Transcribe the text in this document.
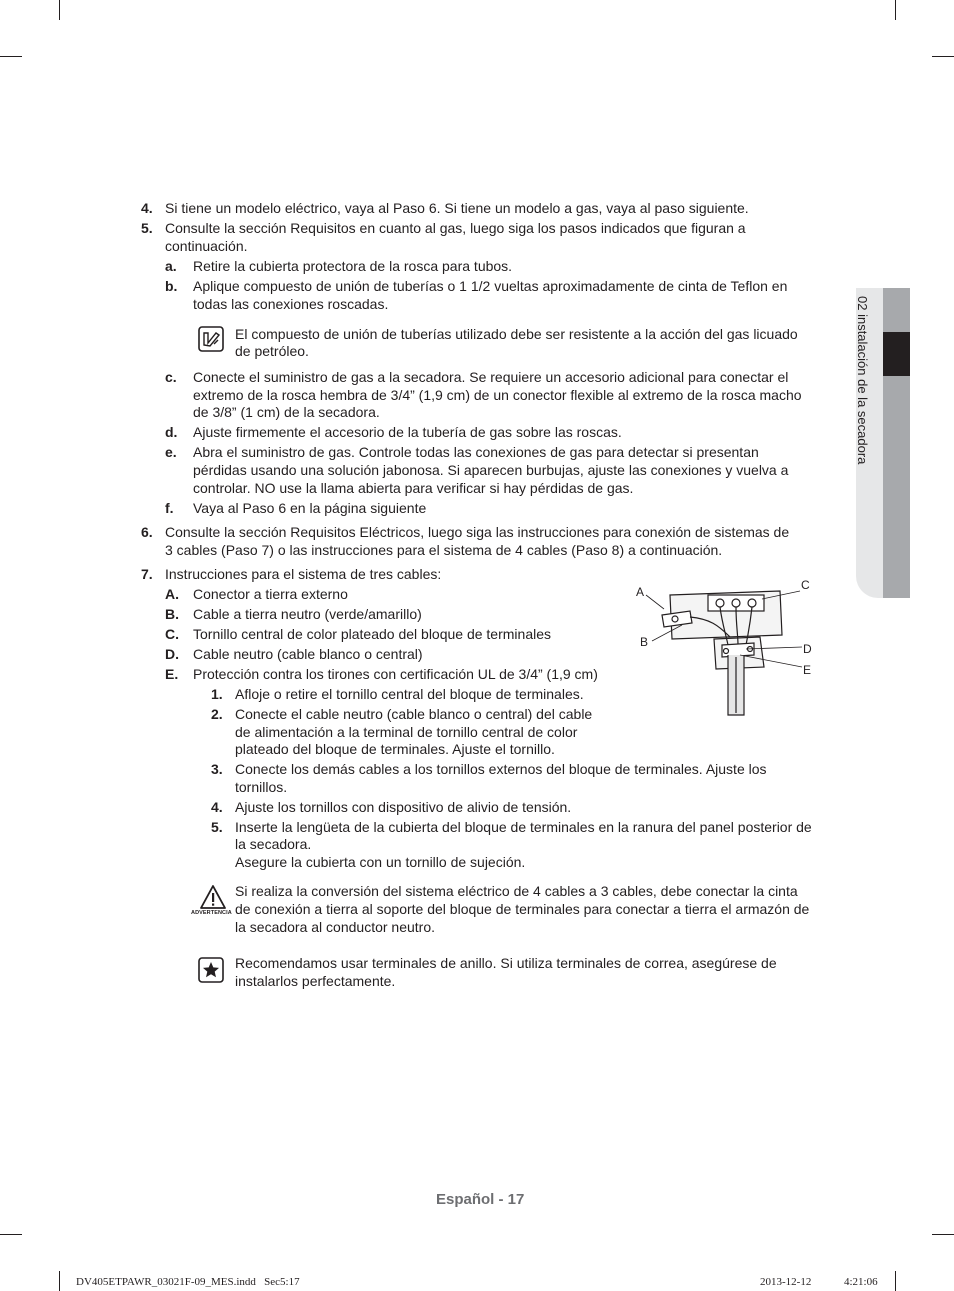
02 instalación de la secadora
4. Si tiene un modelo eléctrico, vaya al Paso 6. Si tiene un modelo a gas, vaya al paso siguiente.
5. Consulte la sección Requisitos en cuanto al gas, luego siga los pasos indicados que figuran a
continuación.
a. Retire la cubierta protectora de la rosca para tubos.
b. Aplique compuesto de unión de tuberías o 1 1/2 vueltas aproximadamente de cinta de Teflon en
todas las conexiones roscadas.
El compuesto de unión de tuberías utilizado debe ser resistente a la acción del gas licuado
de petróleo.
c. Conecte el suministro de gas a la secadora. Se requiere un accesorio adicional para conectar el
extremo de la rosca hembra de 3/4” (1,9 cm) de un conector flexible al extremo de la rosca macho
de 3/8” (1 cm) de la secadora.
d. Ajuste firmemente el accesorio de la tubería de gas sobre las roscas.
e. Abra el suministro de gas. Controle todas las conexiones de gas para detectar si presentan
pérdidas usando una solución jabonosa. Si aparecen burbujas, ajuste las conexiones y vuelva a
controlar. NO use la llama abierta para verificar si hay pérdidas de gas.
f. Vaya al Paso 6 en la página siguiente
6. Consulte la sección Requisitos Eléctricos, luego siga las instrucciones para conexión de sistemas de
3 cables (Paso 7) o las instrucciones para el sistema de 4 cables (Paso 8) a continuación.
7. Instrucciones para el sistema de tres cables:
A. Conector a tierra externo
B. Cable a tierra neutro (verde/amarillo)
C. Tornillo central de color plateado del bloque de terminales
D. Cable neutro (cable blanco o central)
E. Protección contra los tirones con certificación UL de 3/4” (1,9 cm)
1. Afloje o retire el tornillo central del bloque de terminales.
2. Conecte el cable neutro (cable blanco o central) del cable
de alimentación a la terminal de tornillo central de color
plateado del bloque de terminales. Ajuste el tornillo.
3. Conecte los demás cables a los tornillos externos del bloque de terminales. Ajuste los
tornillos.
4. Ajuste los tornillos con dispositivo de alivio de tensión.
5. Inserte la lengüeta de la cubierta del bloque de terminales en la ranura del panel posterior de
la secadora.
Asegure la cubierta con un tornillo de sujeción.
ADVERTENCIA
Si realiza la conversión del sistema eléctrico de 4 cables a 3 cables, debe conectar la cinta
de conexión a tierra al soporte del bloque de terminales para conectar a tierra el armazón de
la secadora al conductor neutro.
Recomendamos usar terminales de anillo. Si utiliza terminales de correa, asegúrese de
instalarlos perfectamente.
A
B
C
D
E
Español - 17
DV405ETPAWR_03021F-09_MES.indd   Sec5:17	2013-12-12	4:21:06
